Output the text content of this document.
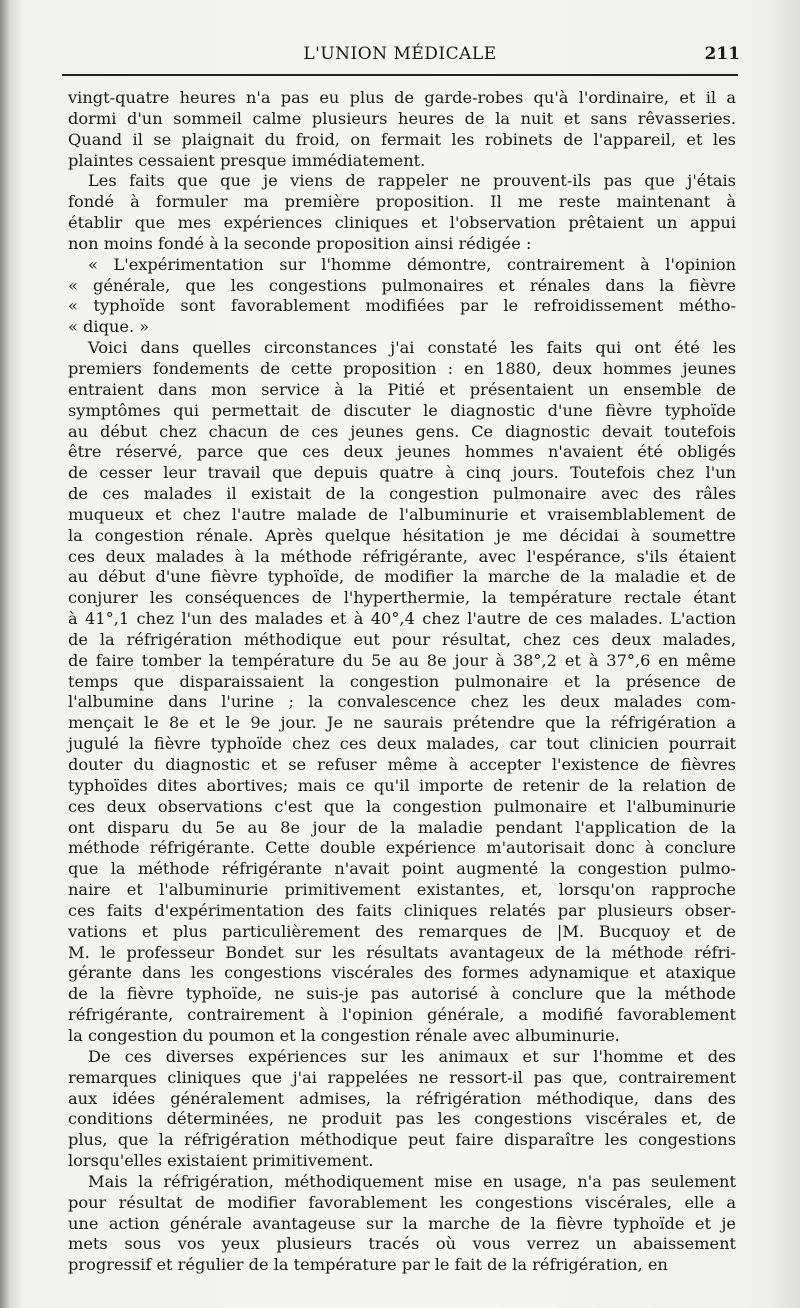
L'UNION MÉDICALE	211

vingt-quatre heures n'a pas eu plus de garde-robes qu'à l'ordinaire, et il a
dormi d'un sommeil calme plusieurs heures de la nuit et sans rêvasseries.
Quand il se plaignait du froid, on fermait les robinets de l'appareil, et les
plaintes cessaient presque immédiatement.

Les faits que que je viens de rappeler ne prouvent-ils pas que j'étais
fondé à formuler ma première proposition. Il me reste maintenant à
établir que mes expériences cliniques et l'observation prêtaient un appui
non moins fondé à la seconde proposition ainsi rédigée :

« L'expérimentation sur l'homme démontre, contrairement à l'opinion
« générale, que les congestions pulmonaires et rénales dans la fièvre
« typhoïde sont favorablement modifiées par le refroidissement métho-
« dique. »

Voici dans quelles circonstances j'ai constaté les faits qui ont été les
premiers fondements de cette proposition : en 1880, deux hommes jeunes
entraient dans mon service à la Pitié et présentaient un ensemble de
symptômes qui permettait de discuter le diagnostic d'une fièvre typhoïde
au début chez chacun de ces jeunes gens. Ce diagnostic devait toutefois
être réservé, parce que ces deux jeunes hommes n'avaient été obligés
de cesser leur travail que depuis quatre à cinq jours. Toutefois chez l'un
de ces malades il existait de la congestion pulmonaire avec des râles
muqueux et chez l'autre malade de l'albuminurie et vraisemblablement de
la congestion rénale. Après quelque hésitation je me décidai à soumettre
ces deux malades à la méthode réfrigérante, avec l'espérance, s'ils étaient
au début d'une fièvre typhoïde, de modifier la marche de la maladie et de
conjurer les conséquences de l'hyperthermie, la température rectale étant
à 41°,1 chez l'un des malades et à 40°,4 chez l'autre de ces malades. L'action
de la réfrigération méthodique eut pour résultat, chez ces deux malades,
de faire tomber la température du 5e au 8e jour à 38°,2 et à 37°,6 en même
temps que disparaissaient la congestion pulmonaire et la présence de
l'albumine dans l'urine ; la convalescence chez les deux malades com-
mençait le 8e et le 9e jour. Je ne saurais prétendre que la réfrigération a
jugulé la fièvre typhoïde chez ces deux malades, car tout clinicien pourrait
douter du diagnostic et se refuser même à accepter l'existence de fièvres
typhoïdes dites abortives; mais ce qu'il importe de retenir de la relation de
ces deux observations c'est que la congestion pulmonaire et l'albuminurie
ont disparu du 5e au 8e jour de la maladie pendant l'application de la
méthode réfrigérante. Cette double expérience m'autorisait donc à conclure
que la méthode réfrigérante n'avait point augmenté la congestion pulmo-
naire et l'albuminurie primitivement existantes, et, lorsqu'on rapproche
ces faits d'expérimentation des faits cliniques relatés par plusieurs obser-
vations et plus particulièrement des remarques de |M. Bucquoy et de
M. le professeur Bondet sur les résultats avantageux de la méthode réfri-
gérante dans les congestions viscérales des formes adynamique et ataxique
de la fièvre typhoïde, ne suis-je pas autorisé à conclure que la méthode
réfrigérante, contrairement à l'opinion générale, a modifié favorablement
la congestion du poumon et la congestion rénale avec albuminurie.

De ces diverses expériences sur les animaux et sur l'homme et des
remarques cliniques que j'ai rappelées ne ressort-il pas que, contrairement
aux idées généralement admises, la réfrigération méthodique, dans des
conditions déterminées, ne produit pas les congestions viscérales et, de
plus, que la réfrigération méthodique peut faire disparaître les congestions
lorsqu'elles existaient primitivement.

Mais la réfrigération, méthodiquement mise en usage, n'a pas seulement
pour résultat de modifier favorablement les congestions viscérales, elle a
une action générale avantageuse sur la marche de la fièvre typhoïde et je
mets sous vos yeux plusieurs tracés où vous verrez un abaissement
progressif et régulier de la température par le fait de la réfrigération, en
